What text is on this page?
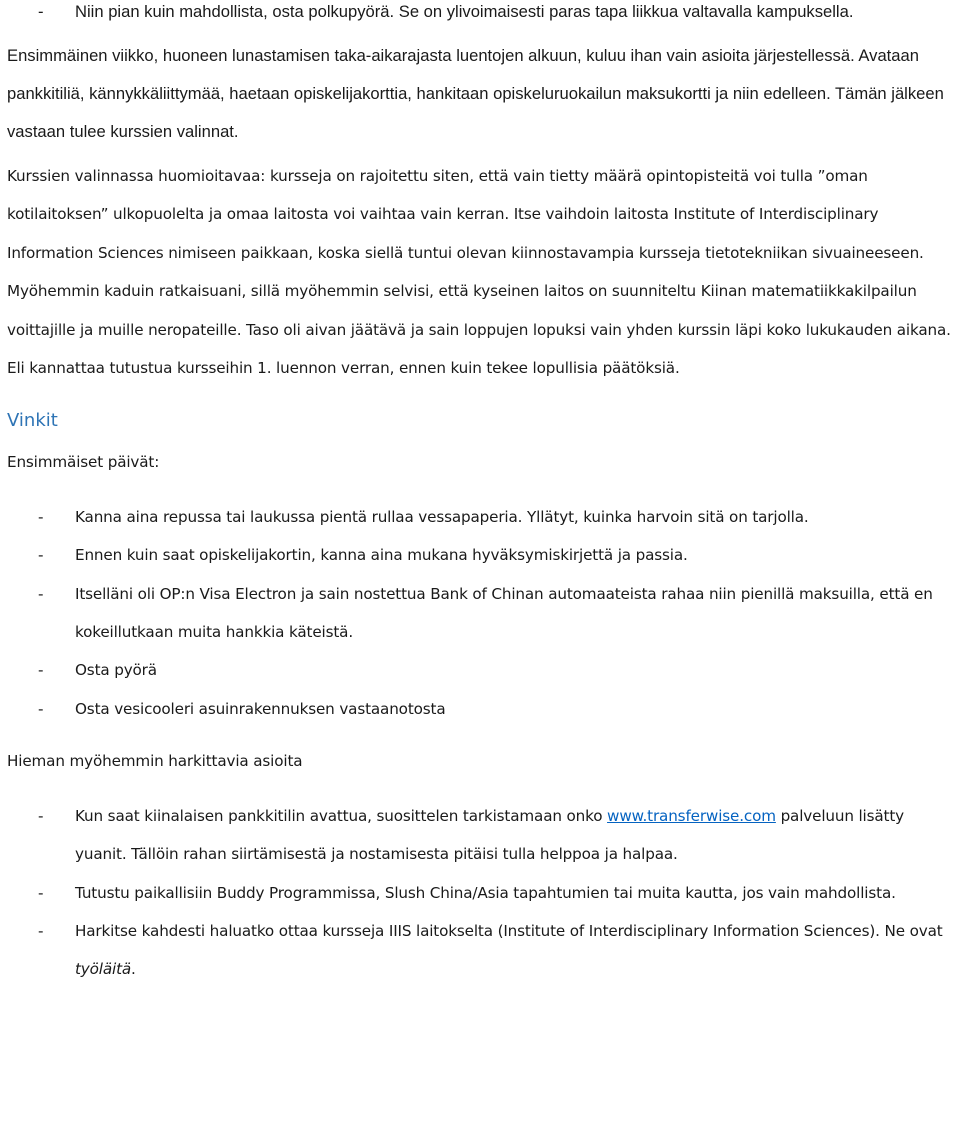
- Niin pian kuin mahdollista, osta polkupyörä. Se on ylivoimaisesti paras tapa liikkua valtavalla kampuksella.
Ensimmäinen viikko, huoneen lunastamisen taka-aikarajasta luentojen alkuun, kuluu ihan vain asioita järjestellessä. Avataan pankkitiliä, kännykkäliittymää, haetaan opiskelijakorttia, hankitaan opiskeluruokailun maksukortti ja niin edelleen. Tämän jälkeen vastaan tulee kurssien valinnat.
Kurssien valinnassa huomioitavaa: kursseja on rajoitettu siten, että vain tietty määrä opintopisteitä voi tulla ”oman kotilaitoksen” ulkopuolelta ja omaa laitosta voi vaihtaa vain kerran. Itse vaihdoin laitosta Institute of Interdisciplinary Information Sciences nimiseen paikkaan, koska siellä tuntui olevan kiinnostavampia kursseja tietotekniikan sivuaineeseen. Myöhemmin kaduin ratkaisuani, sillä myöhemmin selvisi, että kyseinen laitos on suunniteltu Kiinan matematiikkakilpailun voittajille ja muille neropateille. Taso oli aivan jäätävä ja sain loppujen lopuksi vain yhden kurssin läpi koko lukukauden aikana. Eli kannattaa tutustua kursseihin 1. luennon verran, ennen kuin tekee lopullisia päätöksiä.
Vinkit
Ensimmäiset päivät:
- Kanna aina repussa tai laukussa pientä rullaa vessapaperia. Yllätyt, kuinka harvoin sitä on tarjolla.
- Ennen kuin saat opiskelijakortin, kanna aina mukana hyväksymiskirjettä ja passia.
- Itselläni oli OP:n Visa Electron ja sain nostettua Bank of Chinan automaateista rahaa niin pienillä maksuilla, että en kokeillutkaan muita hankkia käteistä.
- Osta pyörä
- Osta vesicooleri asuinrakennuksen vastaanotosta
Hieman myöhemmin harkittavia asioita
- Kun saat kiinalaisen pankkitilin avattua, suosittelen tarkistamaan onko www.transferwise.com palveluun lisätty yuanit. Tällöin rahan siirtämisestä ja nostamisesta pitäisi tulla helppoa ja halpaa.
- Tutustu paikallisiin Buddy Programmissa, Slush China/Asia tapahtumien tai muita kautta, jos vain mahdollista.
- Harkitse kahdesti haluatko ottaa kursseja IIIS laitokselta (Institute of Interdisciplinary Information Sciences). Ne ovat työläitä.
